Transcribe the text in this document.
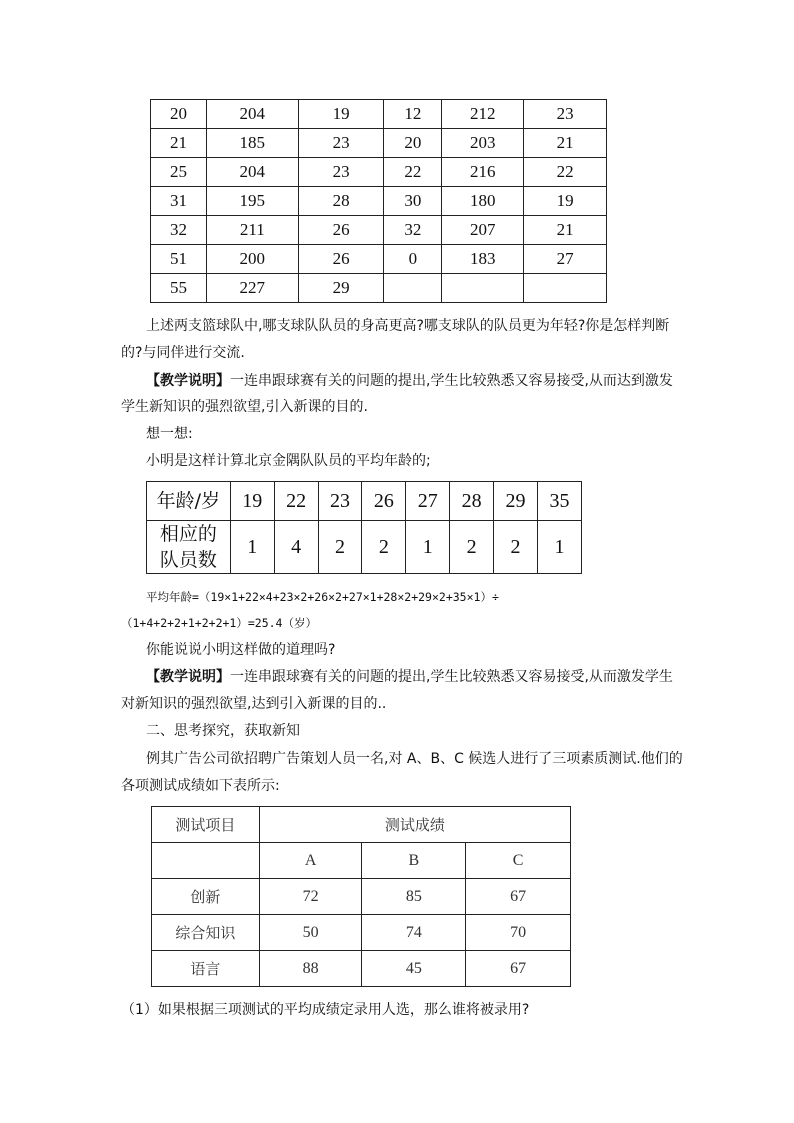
20	204	19	12	212	23
21	185	23	20	203	21
25	204	23	22	216	22
31	195	28	30	180	19
32	211	26	32	207	21
51	200	26	0	183	27
55	227	29			
上述两支篮球队中,哪支球队队员的身高更高?哪支球队的队员更为年轻?你是怎样判断
的?与同伴进行交流.
【教学说明】一连串跟球赛有关的问题的提出,学生比较熟悉又容易接受,从而达到激发
学生新知识的强烈欲望,引入新课的目的.
想一想:
小明是这样计算北京金隅队队员的平均年龄的;
年龄/岁	19	22	23	26	27	28	29	35

相应的
队员数	1	4	2	2	1	2	2	1
平均年龄=（19×1+22×4+23×2+26×2+27×1+28×2+29×2+35×1）÷
（1+4+2+2+1+2+2+1）=25.4（岁）
你能说说小明这样做的道理吗?
【教学说明】一连串跟球赛有关的问题的提出,学生比较熟悉又容易接受,从而激发学生
对新知识的强烈欲望,达到引入新课的目的..
二、思考探究，获取新知
例其广告公司欲招聘广告策划人员一名,对 A、B、C 候选人进行了三项素质测试.他们的
各项测试成绩如下表所示:
测试项目	测试成绩		
	A	B	C
创新	72	85	67
综合知识	50	74	70
语言	88	45	67
（1）如果根据三项测试的平均成绩定录用人选，那么谁将被录用?
